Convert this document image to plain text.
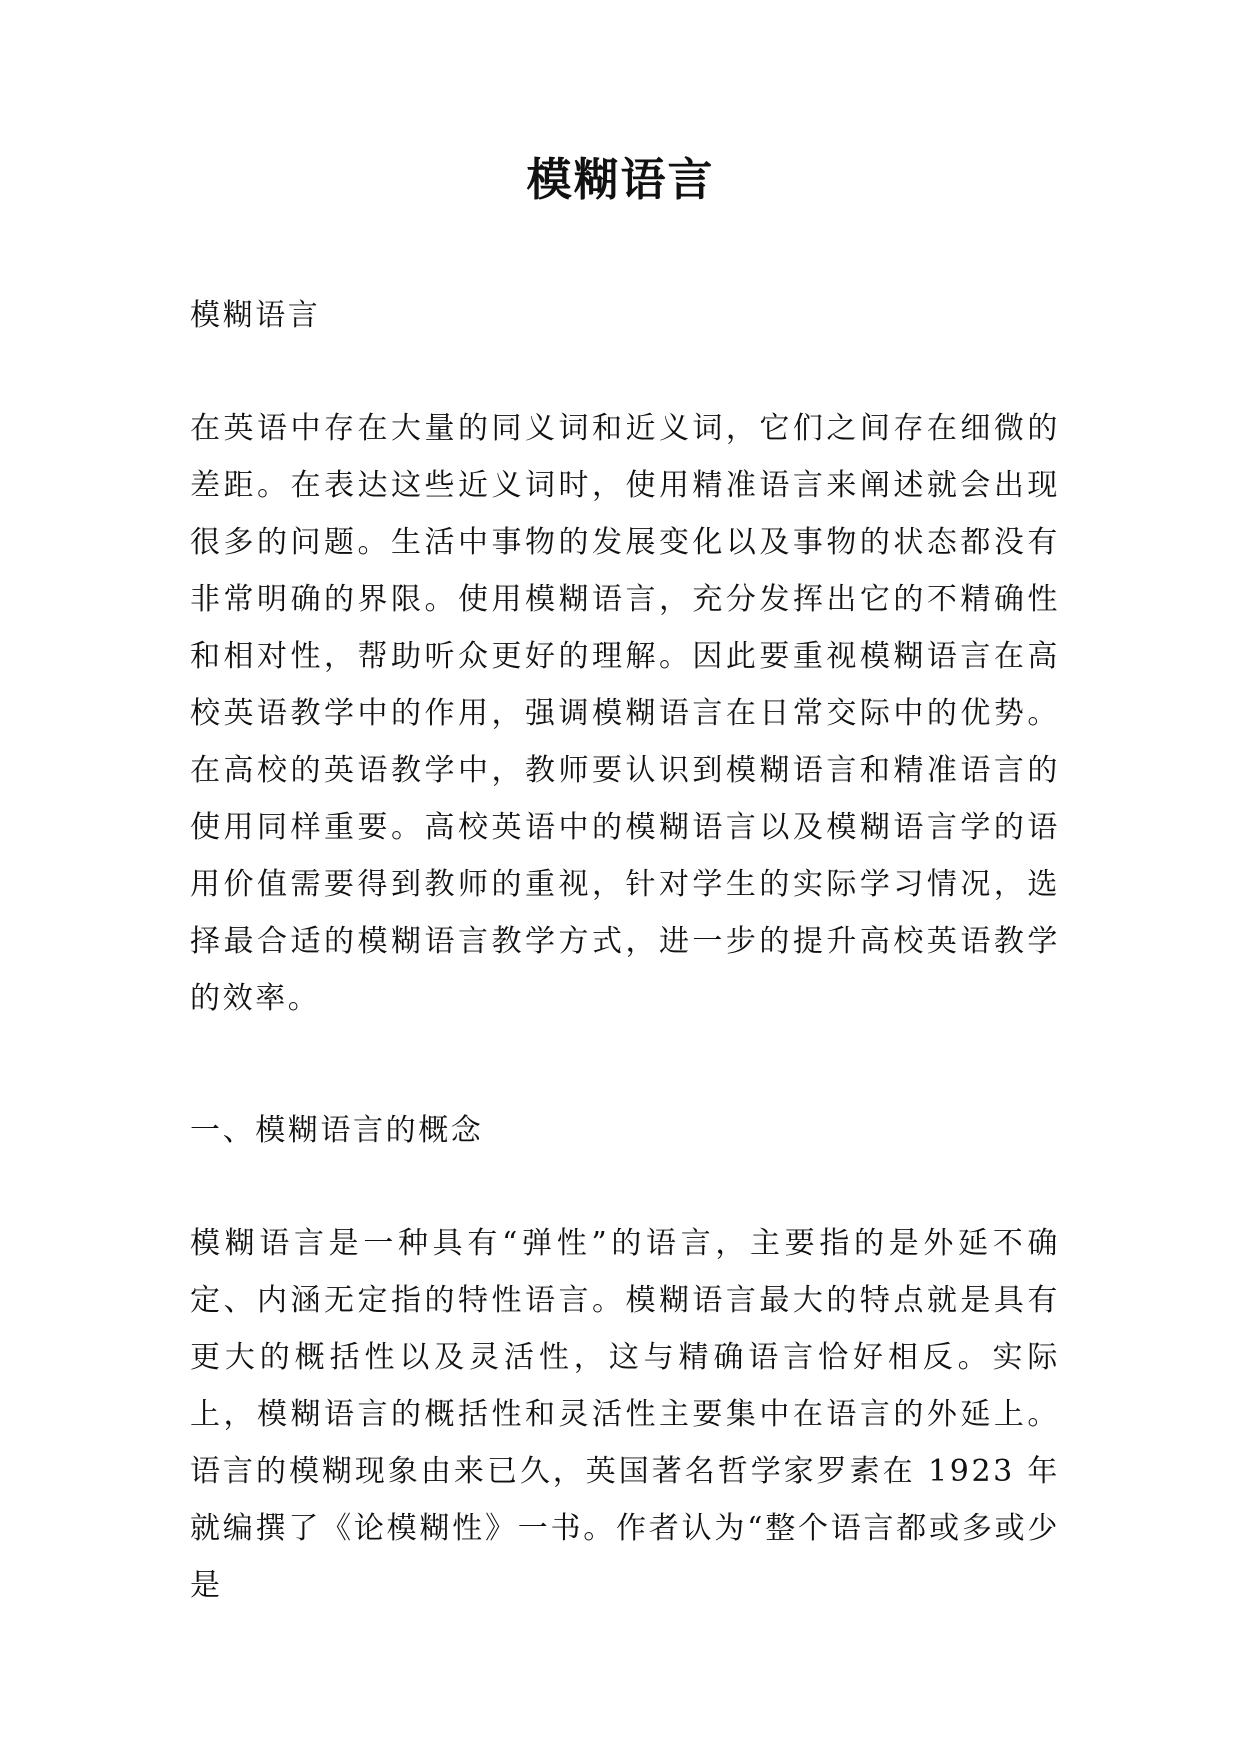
模糊语言

模糊语言

在英语中存在大量的同义词和近义词，它们之间存在细微的差距。在表达这些近义词时，使用精准语言来阐述就会出现很多的问题。生活中事物的发展变化以及事物的状态都没有非常明确的界限。使用模糊语言，充分发挥出它的不精确性和相对性，帮助听众更好的理解。因此要重视模糊语言在高校英语教学中的作用，强调模糊语言在日常交际中的优势。在高校的英语教学中，教师要认识到模糊语言和精准语言的使用同样重要。高校英语中的模糊语言以及模糊语言学的语用价值需要得到教师的重视，针对学生的实际学习情况，选择最合适的模糊语言教学方式，进一步的提升高校英语教学的效率。

一、模糊语言的概念

模糊语言是一种具有“弹性”的语言，主要指的是外延不确定、内涵无定指的特性语言。模糊语言最大的特点就是具有更大的概括性以及灵活性，这与精确语言恰好相反。实际上，模糊语言的概括性和灵活性主要集中在语言的外延上。语言的模糊现象由来已久，英国著名哲学家罗素在 1923 年就编撰了《论模糊性》一书。作者认为“整个语言都或多或少是
